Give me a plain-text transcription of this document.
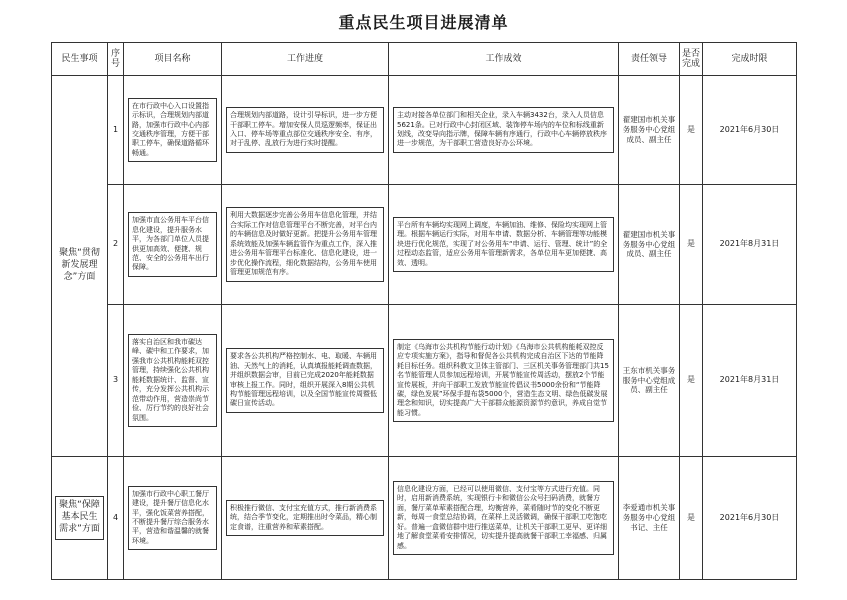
重点民生项目进展清单
民生事项	序号	项目名称	工作进度	工作成效	责任领导	是否完成	完成时限
聚焦“贯彻新发展理念”方面	1	在市行政中心入口设置指示标识，合理规划内部道路，加强市行政中心内部交通秩序管理，方便干部职工停车，确保道路循环畅通。	合理规划内部道路，设计引导标识，进一步方便干部职工停车。增加安保人员巡逻频率，保证出入口、停车场等重点部位交通秩序安全、有序，对于乱停、乱放行为进行实时提醒。	主动对接各单位部门和相关企业，录入车辆3432台，录入人员信息5621条。已对行政中心封闭区域、装饰停车场内的车位和标线重新划线，改变导向指示牌，保障车辆有序通行，行政中心车辆停放秩序进一步规范，为干部职工营造良好办公环境。	翟建国市机关事务服务中心党组成员、副主任	是	2021年6月30日
	2	加强市直公务用车平台信息化建设，提升服务水平，为各部门单位人员提供更加高效、便捷、规范、安全的公务用车出行保障。	利用大数据逐步完善公务用车信息化管理，并结合实际工作对信息管理平台不断完善，对平台内的车辆信息及时做好更新。把提升公务用车管理系统效能及加强车辆监管作为重点工作，深入推进公务用车管理平台标准化、信息化建设，进一步优化操作流程，细化数据结构，公务用车使用管理更加规范有序。	平台所有车辆均实现网上调度，车辆加油、维修、保险均实现网上管理。根据车辆运行实际，对用车申请、数据分析、车辆管理等功能模块进行优化规范，实现了对公务用车“申请、运行、管理、统计”的全过程动态监管，适应公务用车管理新需求，各单位用车更加便捷、高效、透明。	翟建国市机关事务服务中心党组成员、副主任	是	2021年8月31日
	3	落实自治区和我市碳达峰、碳中和工作要求，加强我市公共机构能耗双控管理，持续强化公共机构能耗数据统计、监督、宣传，充分发挥公共机构示范带动作用，营造崇尚节俭、厉行节约的良好社会氛围。	要求各公共机构严格控制水、电、取暖、车辆用油、天然气上的消耗，认真填报能耗调查数据，并组织数据会审，目前已完成2020年能耗数据审核上报工作。同时，组织开展深入8期公共机构节能管理远程培训，以及全国节能宣传周暨低碳日宣传活动。	制定《乌海市公共机构节能行动计划》《乌海市公共机构能耗双控反应专项实施方案》，指导和督促各公共机构完成自治区下达的节能降耗目标任务。组织科教文卫体主管部门、三区机关事务管理部门共15名节能管理人员参加远程培训，开展节能宣传周活动，摆放2个节能宣传展板，并向干部职工发放节能宣传倡议书5000余份和“节能降碳，绿色发展”环保手提布袋5000个，营造生态文明、绿色低碳发展理念和知识，切实提高广大干部群众能源资源节约意识，养成自觉节能习惯。	王东市机关事务服务中心党组成员、副主任	是	2021年8月31日

聚焦“保障基本民生需求”方面	4	加强市行政中心职工餐厅建设，提升餐厅信息化水平，强化饭菜营养搭配，不断提升餐厅综合服务水平，营造和谐温馨的就餐环境。	积极推行微信、支付宝充值方式，推行新消费系统，结合季节变化，定期推出时令菜品，精心制定食谱，注重营养和荤素搭配。	信息化建设方面，已经可以使用微信、支付宝等方式进行充值。同时，启用新消费系统，实现银行卡和微信公众号扫码消费，就餐方面，餐厅菜单荤素搭配合理，均衡营养，菜肴随时节的变化不断更新，每周一食堂总结协调，在菜样上灵活微调，确保干部职工吃饱吃好。普遍一盒微信群中进行推送菜单，让机关干部职工更早、更详细地了解食堂菜肴安排情况，切实提升提高就餐干部职工幸福感、归属感。	李爱通市机关事务服务中心党组书记、主任	是	2021年6月30日
